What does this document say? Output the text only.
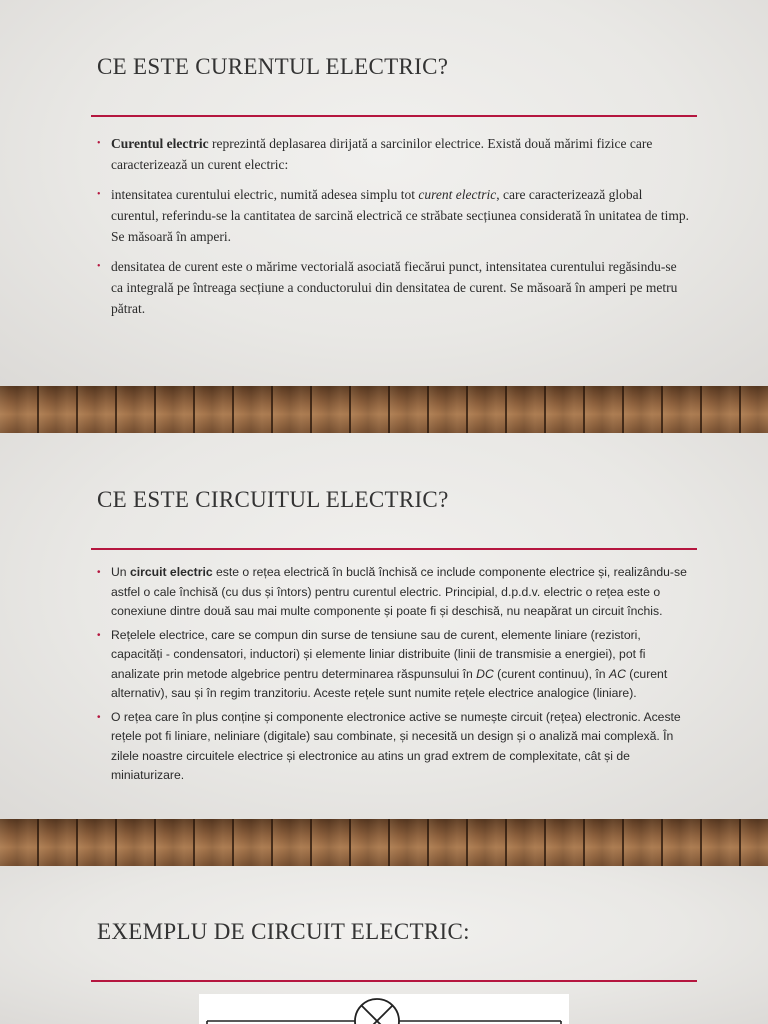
CE ESTE CURENTUL ELECTRIC?
• Curentul electric reprezintă deplasarea dirijată a sarcinilor electrice. Există două mărimi fizice care caracterizează un curent electric:
• intensitatea curentului electric, numită adesea simplu tot curent electric, care caracterizează global curentul, referindu-se la cantitatea de sarcină electrică ce străbate secțiunea considerată în unitatea de timp. Se măsoară în amperi.
• densitatea de curent este o mărime vectorială asociată fiecărui punct, intensitatea curentului regăsindu-se ca integrală pe întreaga secțiune a conductorului din densitatea de curent. Se măsoară în amperi pe metru pătrat.
CE ESTE CIRCUITUL ELECTRIC?
• Un circuit electric este o rețea electrică în buclă închisă ce include componente electrice și, realizându-se astfel o cale închisă (cu dus și întors) pentru curentul electric. Principial, d.p.d.v. electric o rețea este o conexiune dintre două sau mai multe componente și poate fi și deschisă, nu neapărat un circuit închis.
• Rețelele electrice, care se compun din surse de tensiune sau de curent, elemente liniare (rezistori, capacități - condensatori, inductori) și elemente liniar distribuite (linii de transmisie a energiei), pot fi analizate prin metode algebrice pentru determinarea răspunsului în DC (curent continuu), în AC (curent alternativ), sau și în regim tranzitoriu. Aceste rețele sunt numite rețele electrice analogice (liniare).
• O rețea care în plus conține și componente electronice active se numește circuit (rețea) electronic. Aceste rețele pot fi liniare, neliniare (digitale) sau combinate, și necesită un design și o analiză mai complexă. În zilele noastre circuitele electrice și electronice au atins un grad extrem de complexitate, cât și de miniaturizare.
EXEMPLU DE CIRCUIT ELECTRIC:
